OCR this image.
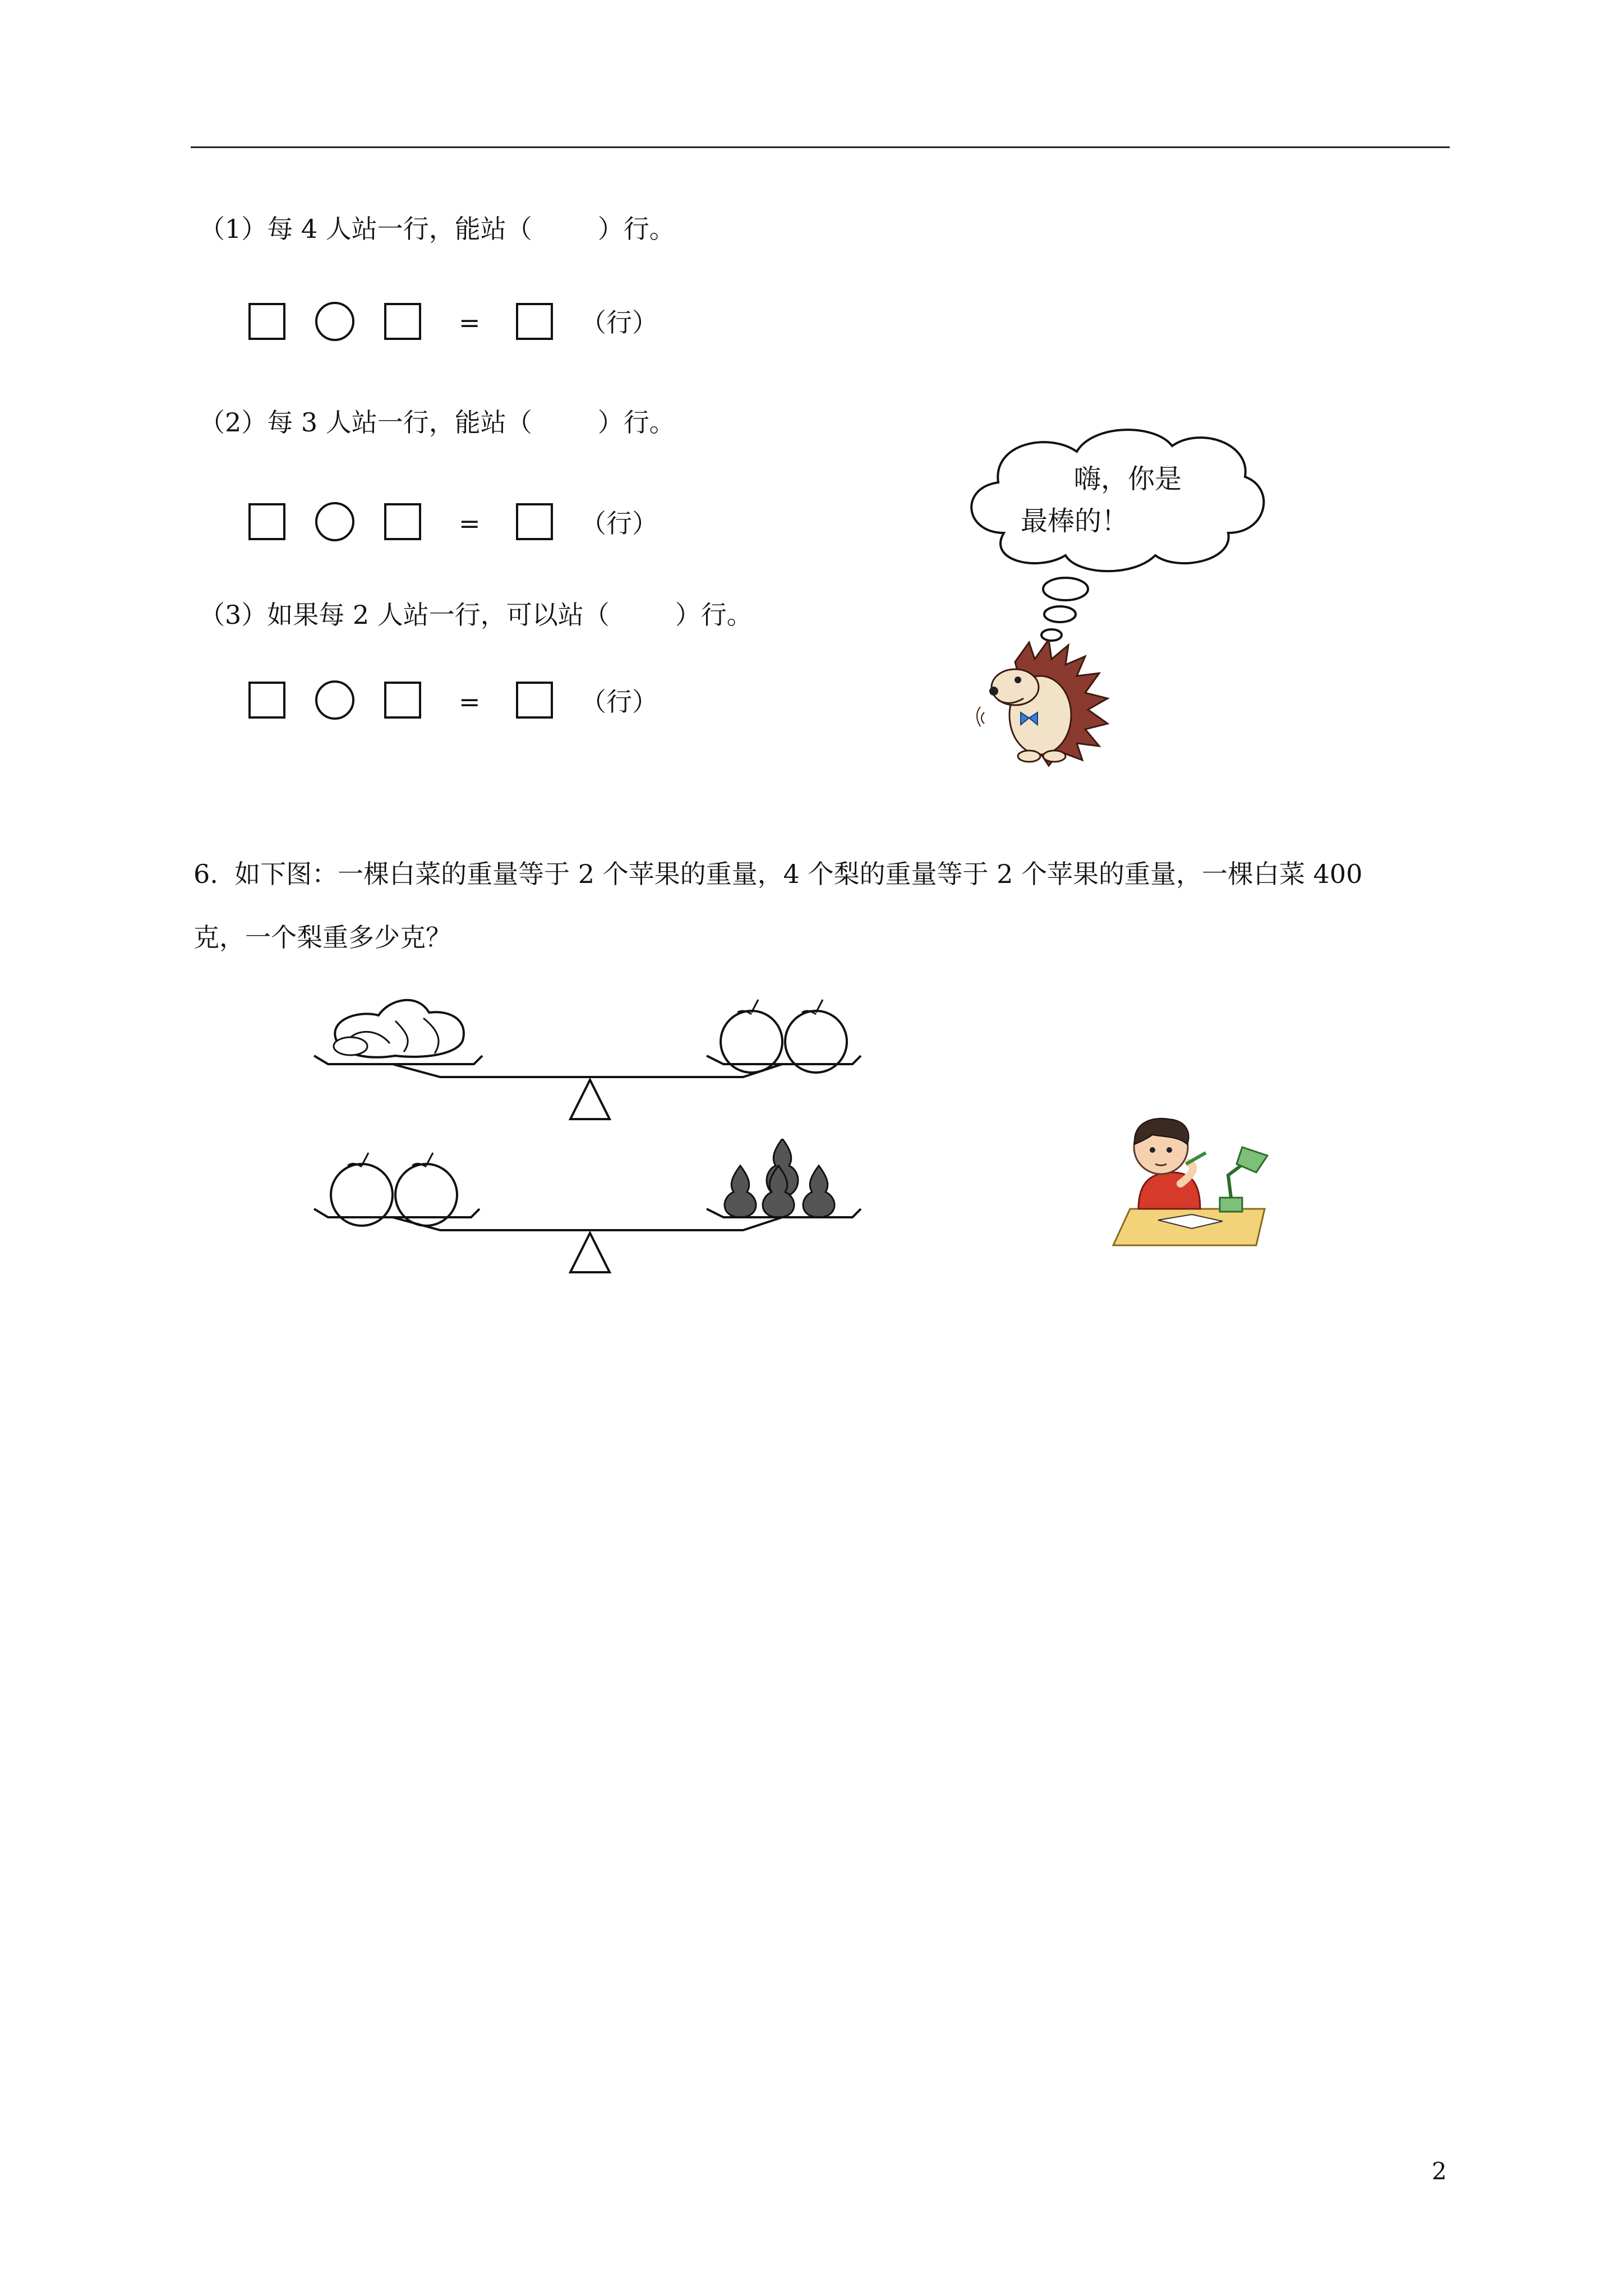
（1）每 4 人站一行，能站（        ）行。
=	（行）
（2）每 3 人站一行，能站（        ）行。
=	（行）
（3）如果每 2 人站一行，可以站（        ）行。
=	（行）
嗨，你是
最棒的！
6.  如下图：一棵白菜的重量等于 2 个苹果的重量，4 个梨的重量等于 2 个苹果的重量，一棵白菜 400
克，一个梨重多少克？
2
